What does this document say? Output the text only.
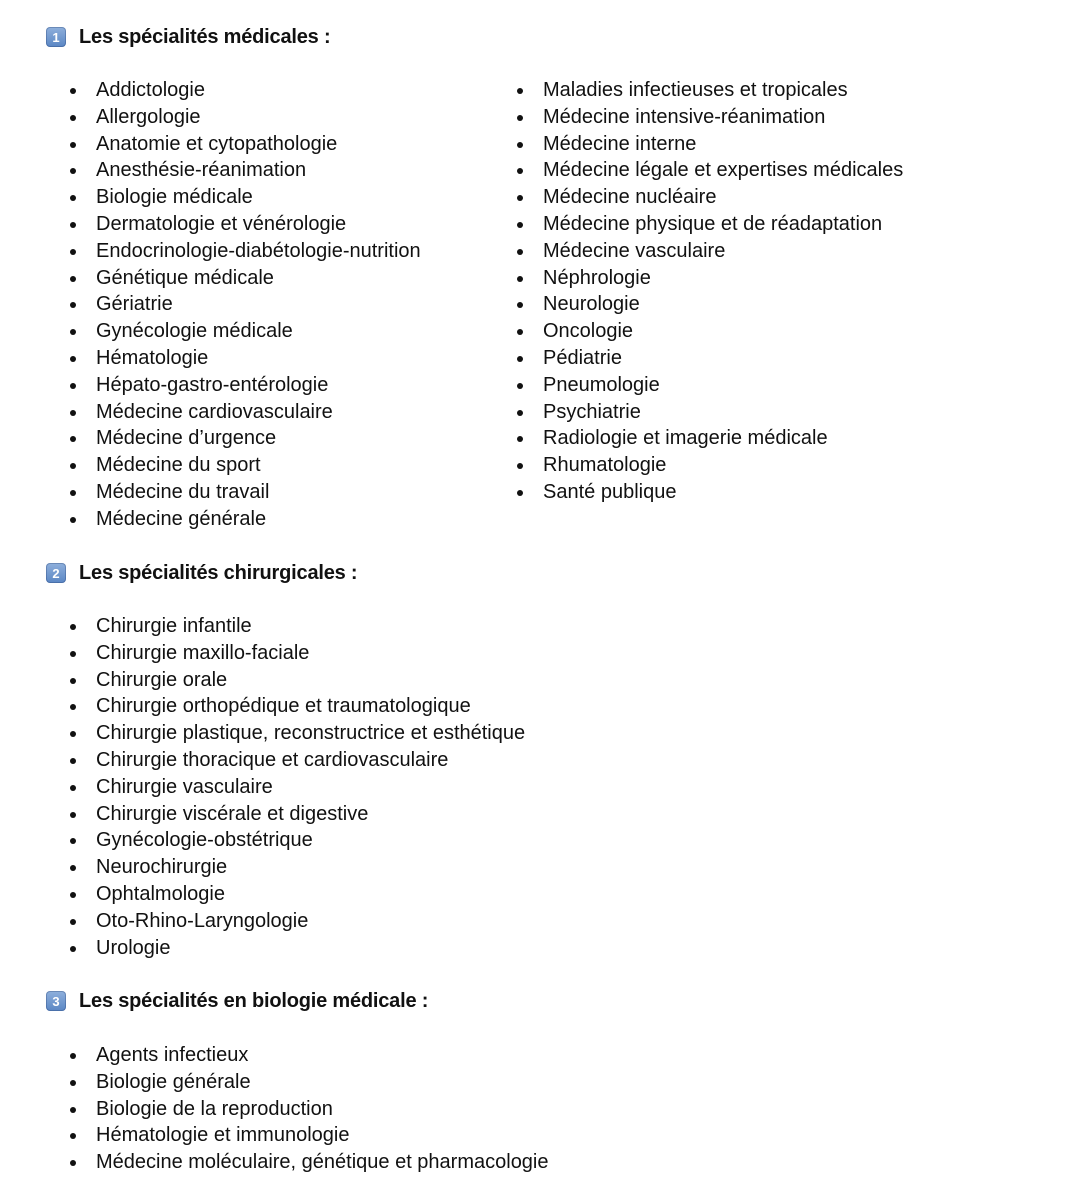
1 Les spécialités médicales :
Addictologie
Allergologie
Anatomie et cytopathologie
Anesthésie-réanimation
Biologie médicale
Dermatologie et vénérologie
Endocrinologie-diabétologie-nutrition
Génétique médicale
Gériatrie
Gynécologie médicale
Hématologie
Hépato-gastro-entérologie
Médecine cardiovasculaire
Médecine d’urgence
Médecine du sport
Médecine du travail
Médecine générale
Maladies infectieuses et tropicales
Médecine intensive-réanimation
Médecine interne
Médecine légale et expertises médicales
Médecine nucléaire
Médecine physique et de réadaptation
Médecine vasculaire
Néphrologie
Neurologie
Oncologie
Pédiatrie
Pneumologie
Psychiatrie
Radiologie et imagerie médicale
Rhumatologie
Santé publique
2 Les spécialités chirurgicales :
Chirurgie infantile
Chirurgie maxillo-faciale
Chirurgie orale
Chirurgie orthopédique et traumatologique
Chirurgie plastique, reconstructrice et esthétique
Chirurgie thoracique et cardiovasculaire
Chirurgie vasculaire
Chirurgie viscérale et digestive
Gynécologie-obstétrique
Neurochirurgie
Ophtalmologie
Oto-Rhino-Laryngologie
Urologie
3 Les spécialités en biologie médicale :
Agents infectieux
Biologie générale
Biologie de la reproduction
Hématologie et immunologie
Médecine moléculaire, génétique et pharmacologie
